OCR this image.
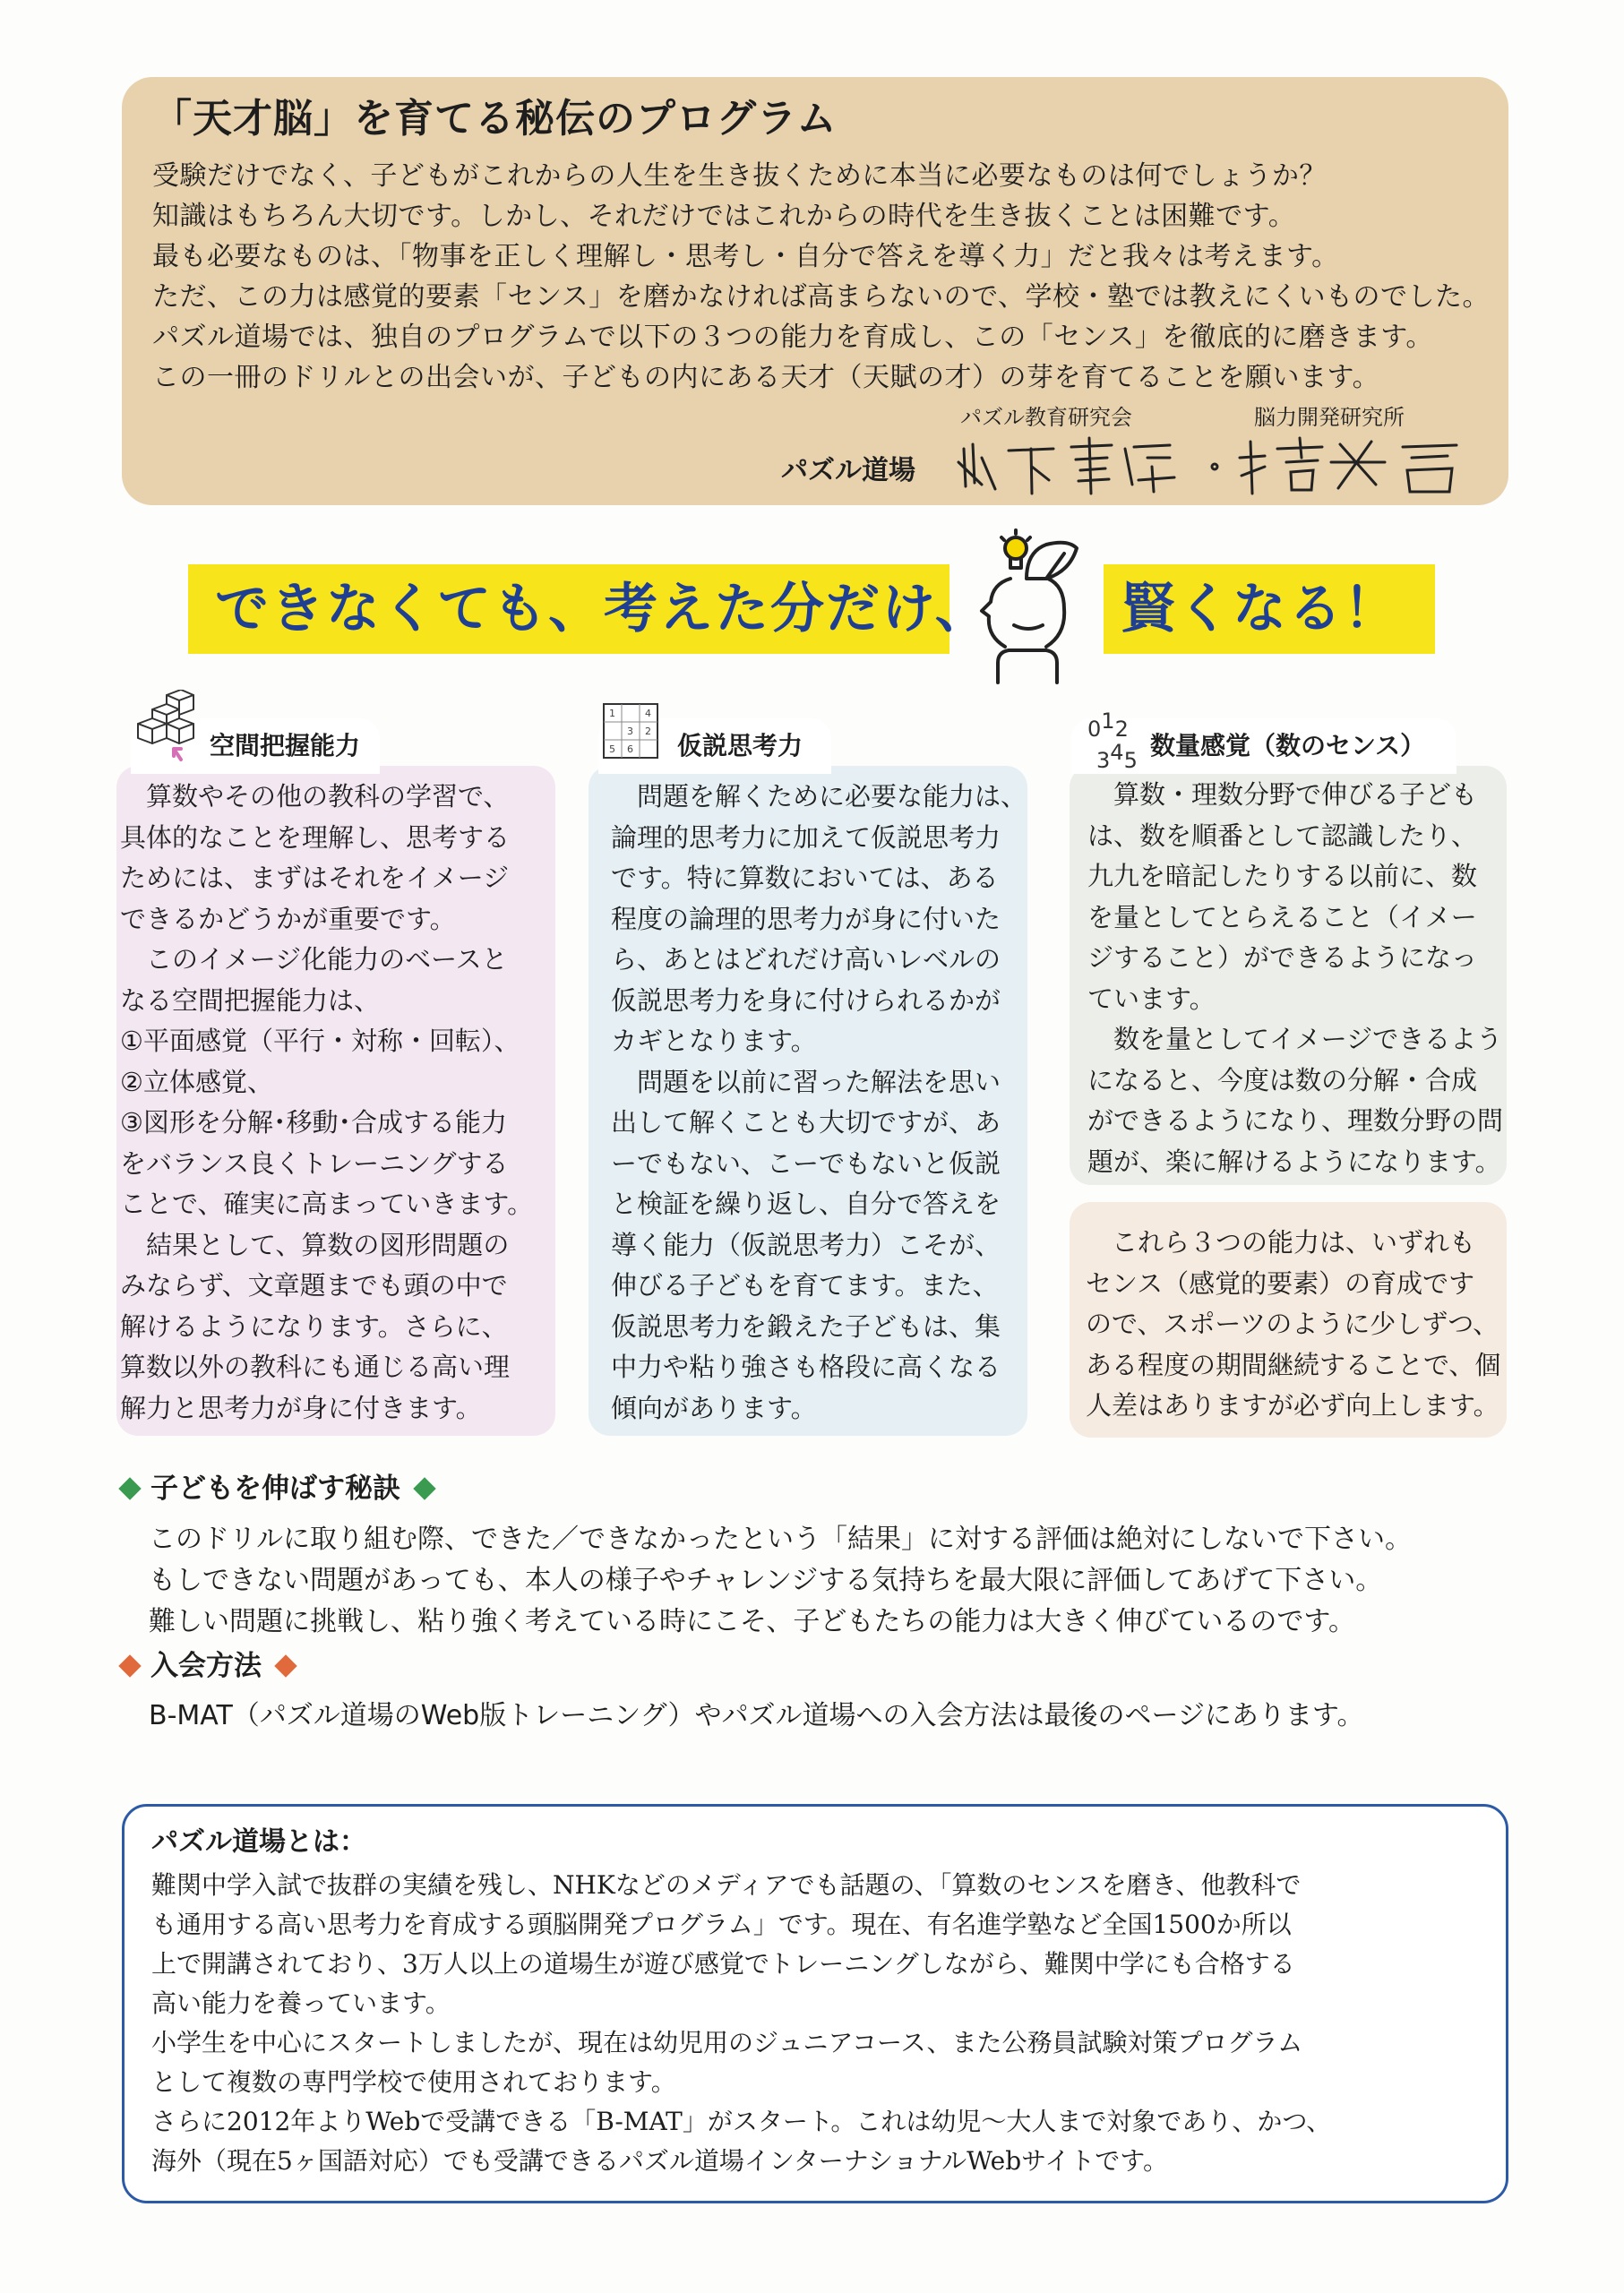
「天才脳」を育てる秘伝のプログラム
受験だけでなく、子どもがこれからの人生を生き抜くために本当に必要なものは何でしょうか？
知識はもちろん大切です。しかし、それだけではこれからの時代を生き抜くことは困難です。
最も必要なものは、「物事を正しく理解し・思考し・自分で答えを導く力」だと我々は考えます。
ただ、この力は感覚的要素「センス」を磨かなければ高まらないので、学校・塾では教えにくいものでした。
パズル道場では、独自のプログラムで以下の３つの能力を育成し、この「センス」を徹底的に磨きます。
この一冊のドリルとの出会いが、子どもの内にある天才（天賦の才）の芽を育てることを願います。
パズル教育研究会	脳力開発研究所
パズル道場
できなくても、考えた分だけ、	賢くなる！
空間把握能力	仮説思考力
1	4
3 2
5 6	数量感覚（数のセンス）
$0^12$
$3^45$
　算数やその他の教科の学習で、
具体的なことを理解し、思考する
ためには、まずはそれをイメージ
できるかどうかが重要です。
　このイメージ化能力のベースと
なる空間把握能力は、
①平面感覚（平行・対称・回転）、
②立体感覚、
③図形を分解･移動･合成する能力
をバランス良くトレーニングする
ことで、確実に高まっていきます。
　結果として、算数の図形問題の
みならず、文章題までも頭の中で
解けるようになります。さらに、
算数以外の教科にも通じる高い理
解力と思考力が身に付きます。
　問題を解くために必要な能力は、
論理的思考力に加えて仮説思考力
です。特に算数においては、ある
程度の論理的思考力が身に付いた
ら、あとはどれだけ高いレベルの
仮説思考力を身に付けられるかが
カギとなります。
　問題を以前に習った解法を思い
出して解くことも大切ですが、あ
ーでもない、こーでもないと仮説
と検証を繰り返し、自分で答えを
導く能力（仮説思考力）こそが、
伸びる子どもを育てます。また、
仮説思考力を鍛えた子どもは、集
中力や粘り強さも格段に高くなる
傾向があります。
　算数・理数分野で伸びる子ども
は、数を順番として認識したり、
九九を暗記したりする以前に、数
を量としてとらえること（イメー
ジすること）ができるようになっ
ています。
　数を量としてイメージできるよう
になると、今度は数の分解・合成
ができるようになり、理数分野の問
題が、楽に解けるようになります。
　これら３つの能力は、いずれも
センス（感覚的要素）の育成です
ので、スポーツのように少しずつ、
ある程度の期間継続することで、個
人差はありますが必ず向上します。
子どもを伸ばす秘訣
このドリルに取り組む際、できた／できなかったという「結果」に対する評価は絶対にしないで下さい。
もしできない問題があっても、本人の様子やチャレンジする気持ちを最大限に評価してあげて下さい。
難しい問題に挑戦し、粘り強く考えている時にこそ、子どもたちの能力は大きく伸びているのです。
入会方法
B-MAT（パズル道場のWeb版トレーニング）やパズル道場への入会方法は最後のページにあります。
パズル道場とは：
難関中学入試で抜群の実績を残し、NHKなどのメディアでも話題の、「算数のセンスを磨き、他教科で
も通用する高い思考力を育成する頭脳開発プログラム」です。現在、有名進学塾など全国1500か所以
上で開講されており、3万人以上の道場生が遊び感覚でトレーニングしながら、難関中学にも合格する
高い能力を養っています。
小学生を中心にスタートしましたが、現在は幼児用のジュニアコース、また公務員試験対策プログラム
として複数の専門学校で使用されております。
さらに2012年よりWebで受講できる「B-MAT」がスタート。これは幼児〜大人まで対象であり、かつ、
海外（現在5ヶ国語対応）でも受講できるパズル道場インターナショナルWebサイトです。
